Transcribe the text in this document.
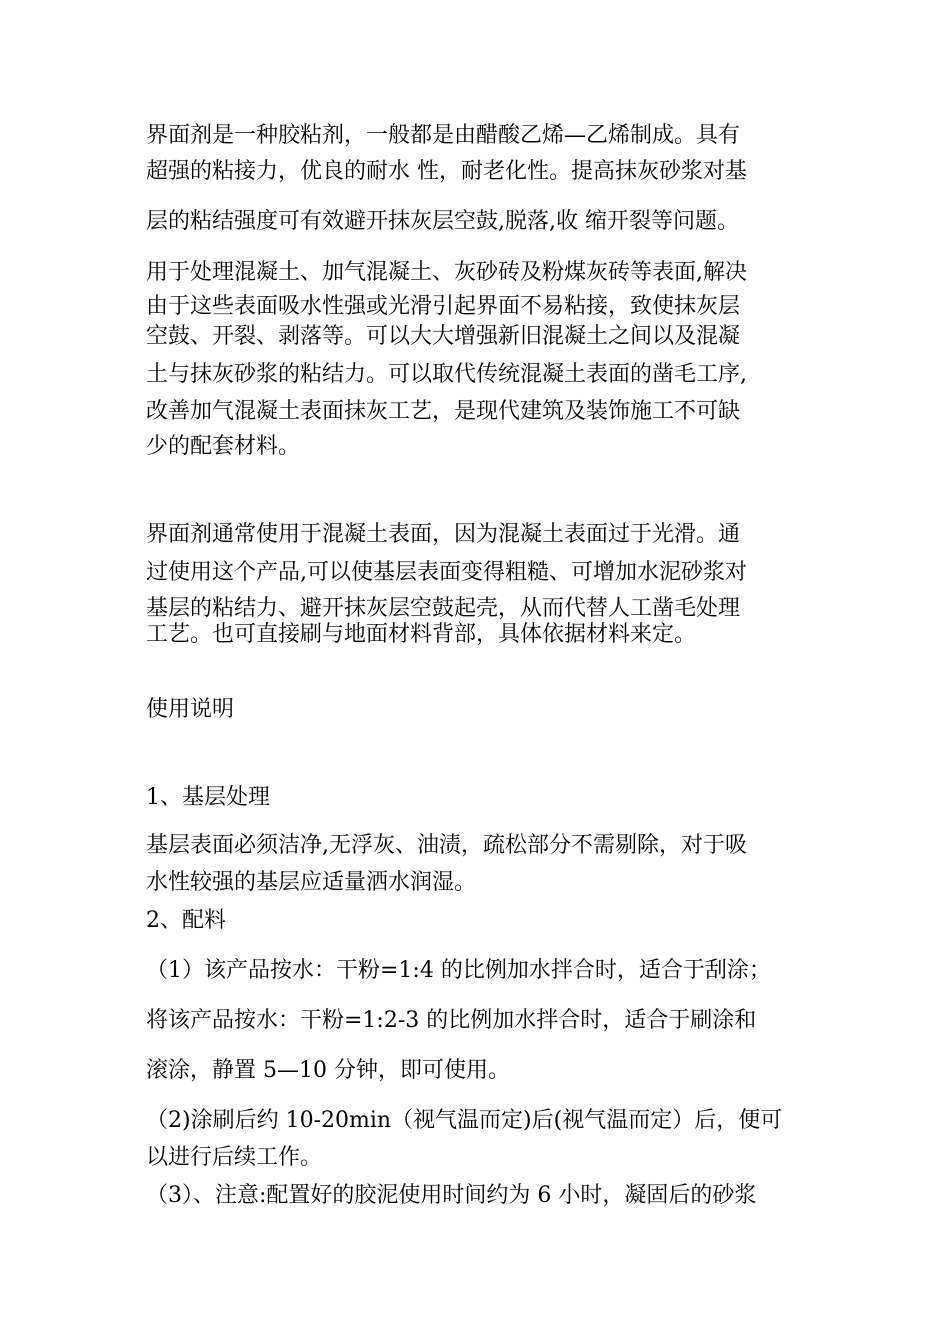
界面剂是一种胶粘剂，一般都是由醋酸乙烯—乙烯制成。具有
超强的粘接力，优良的耐水 性，耐老化性。提高抹灰砂浆对基
层的粘结强度可有效避开抹灰层空鼓,脱落,收 缩开裂等问题。
用于处理混凝土、加气混凝土、灰砂砖及粉煤灰砖等表面,解决
由于这些表面吸水性强或光滑引起界面不易粘接，致使抹灰层
空鼓、开裂、剥落等。可以大大增强新旧混凝土之间以及混凝
土与抹灰砂浆的粘结力。可以取代传统混凝土表面的凿毛工序,
改善加气混凝土表面抹灰工艺，是现代建筑及装饰施工不可缺
少的配套材料。
界面剂通常使用于混凝土表面，因为混凝土表面过于光滑。通
过使用这个产品,可以使基层表面变得粗糙、可增加水泥砂浆对
基层的粘结力、避开抹灰层空鼓起壳，从而代替人工凿毛处理
工艺。也可直接刷与地面材料背部，具体依据材料来定。
使用说明
1、基层处理
基层表面必须洁净,无浮灰、油渍，疏松部分不需剔除，对于吸
水性较强的基层应适量洒水润湿。
2、配料
（1）该产品按水：干粉=1:4 的比例加水拌合时，适合于刮涂；
将该产品按水：干粉=1:2-3 的比例加水拌合时，适合于刷涂和
滚涂，静置 5—10 分钟，即可使用。
（2)涂刷后约 10-20min（视气温而定)后(视气温而定）后，便可
以进行后续工作。
（3）、注意:配置好的胶泥使用时间约为 6 小时，凝固后的砂浆
